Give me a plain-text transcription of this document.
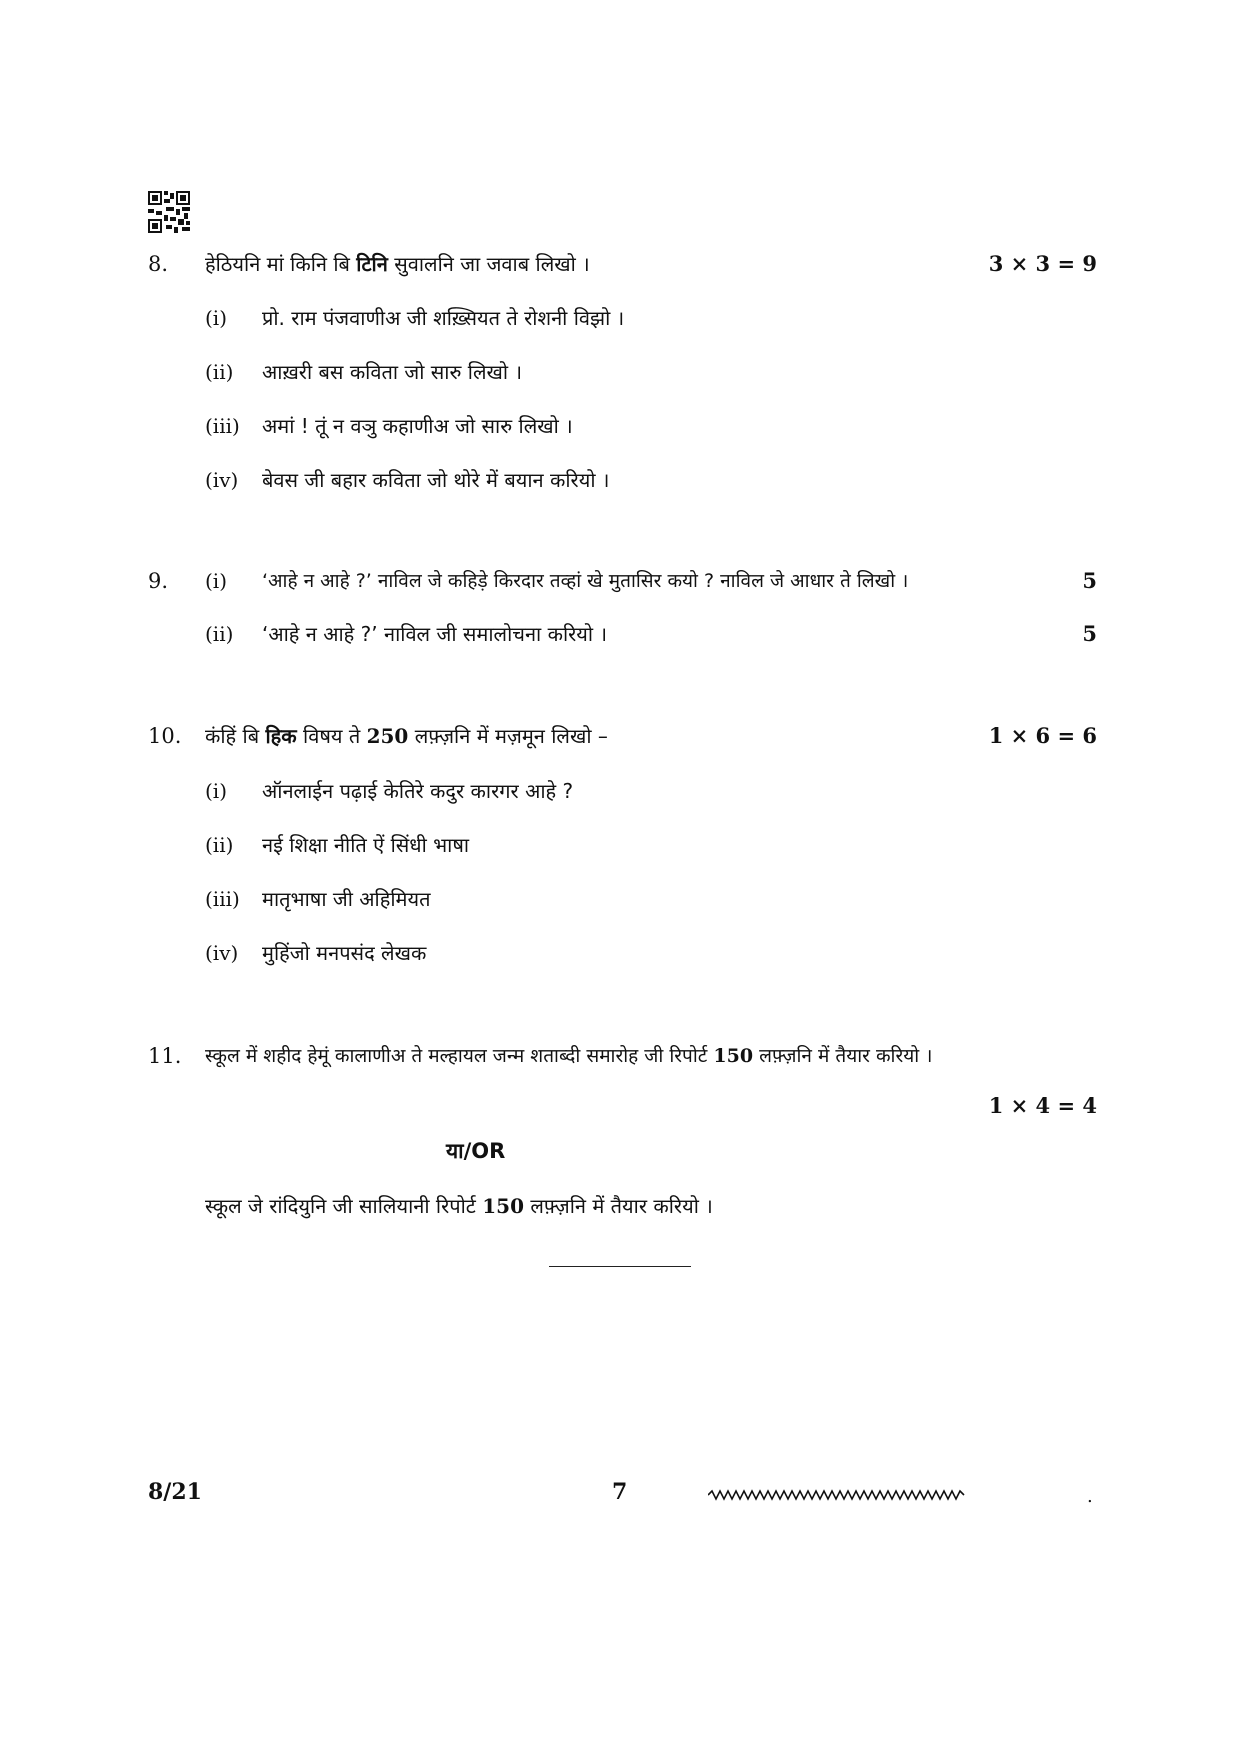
8. हेठियनि मां किनि बि टिनि सुवालनि जा जवाब लिखो ।	3 × 3 = 9
(i) प्रो. राम पंजवाणीअ जी शख़्सियत ते रोशनी विझो ।
(ii) आख़री बस कविता जो सारु लिखो ।
(iii) अमां ! तूं न वञु कहाणीअ जो सारु लिखो ।
(iv) बेवस जी बहार कविता जो थोरे में बयान करियो ।
9. (i) ‘आहे न आहे ?’ नाविल जे कहिड़े किरदार तव्हां खे मुतासिर कयो ? नाविल जे आधार ते लिखो ।	5
(ii) ‘आहे न आहे ?’ नाविल जी समालोचना करियो ।	5
10. कंहिं बि हिक विषय ते 250 लफ़्ज़नि में मज़मून लिखो –	1 × 6 = 6
(i) ऑनलाईन पढ़ाई केतिरे कदुर कारगर आहे ?
(ii) नई शिक्षा नीति ऐं सिंधी भाषा
(iii) मातृभाषा जी अहिमियत
(iv) मुहिंजो मनपसंद लेखक
11. स्कूल में शहीद हेमूं कालाणीअ ते मल्हायल जन्म शताब्दी समारोह जी रिपोर्ट 150 लफ़्ज़नि में तैयार करियो ।
1 × 4 = 4
या/OR
स्कूल जे रांदियुनि जी सालियानी रिपोर्ट 150 लफ़्ज़नि में तैयार करियो ।
8/21	7	.
